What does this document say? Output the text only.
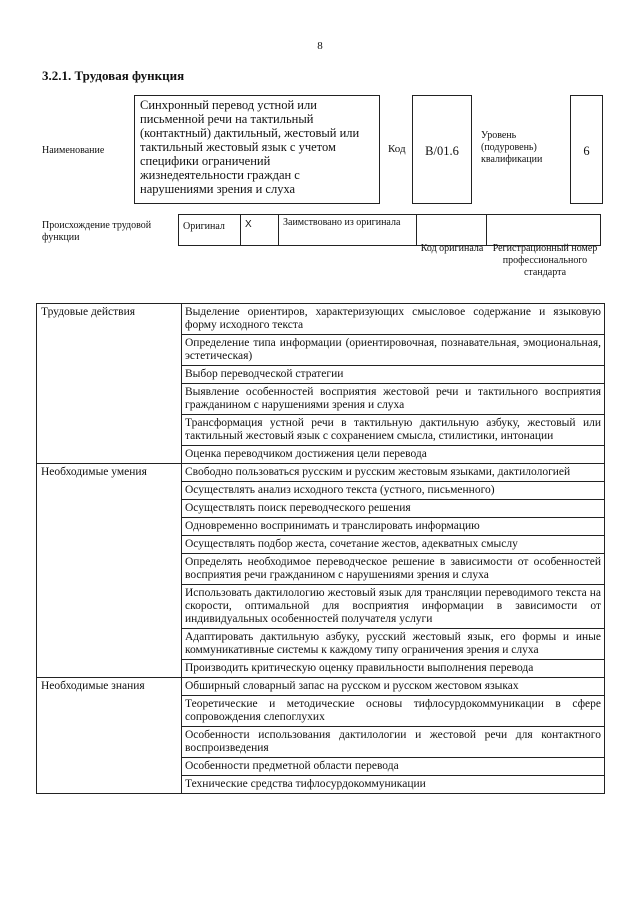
8
3.2.1. Трудовая функция
Наименование
Синхронный перевод устной или письменной речи на тактильный (контактный) дактильный, жестовый или тактильный жестовый язык с учетом специфики ограничений жизнедеятельности граждан с нарушениями зрения и слуха
Код	B/01.6
Уровень (подуровень) квалификации
6
Происхождение трудовой функции
Оригинал	X	Заимствовано из оригинала		
Код оригинала Регистрационный номер профессионального стандарта
Трудовые действия	Выделение ориентиров, характеризующих смысловое содержание и языковую форму исходного текста
	Определение типа информации (ориентировочная, познавательная, эмоциональная, эстетическая)
	Выбор переводческой стратегии
	Выявление особенностей восприятия жестовой речи и тактильного восприятия гражданином с нарушениями зрения и слуха
	Трансформация устной речи в тактильную дактильную азбуку, жестовый или тактильный жестовый язык с сохранением смысла, стилистики, интонации
	Оценка переводчиком достижения цели перевода
Необходимые умения	Свободно пользоваться русским и русским жестовым языками, дактилологией
	Осуществлять анализ исходного текста (устного, письменного)
	Осуществлять поиск переводческого решения
	Одновременно воспринимать и транслировать информацию
	Осуществлять подбор жеста, сочетание жестов, адекватных смыслу
	Определять необходимое переводческое решение в зависимости от особенностей восприятия речи гражданином с нарушениями зрения и слуха
	Использовать дактилологию жестовый язык для трансляции переводимого текста на скорости, оптимальной для восприятия информации в зависимости от индивидуальных особенностей получателя услуги
	Адаптировать дактильную азбуку, русский жестовый язык, его формы и иные коммуникативные системы к каждому типу ограничения зрения и слуха
	Производить критическую оценку правильности выполнения перевода
Необходимые знания	Обширный словарный запас на русском и русском жестовом языках
	Теоретические и методические основы тифлосурдокоммуникации в сфере сопровождения слепоглухих
	Особенности использования дактилологии и жестовой речи для контактного воспроизведения
	Особенности предметной области перевода
	Технические средства тифлосурдокоммуникации
